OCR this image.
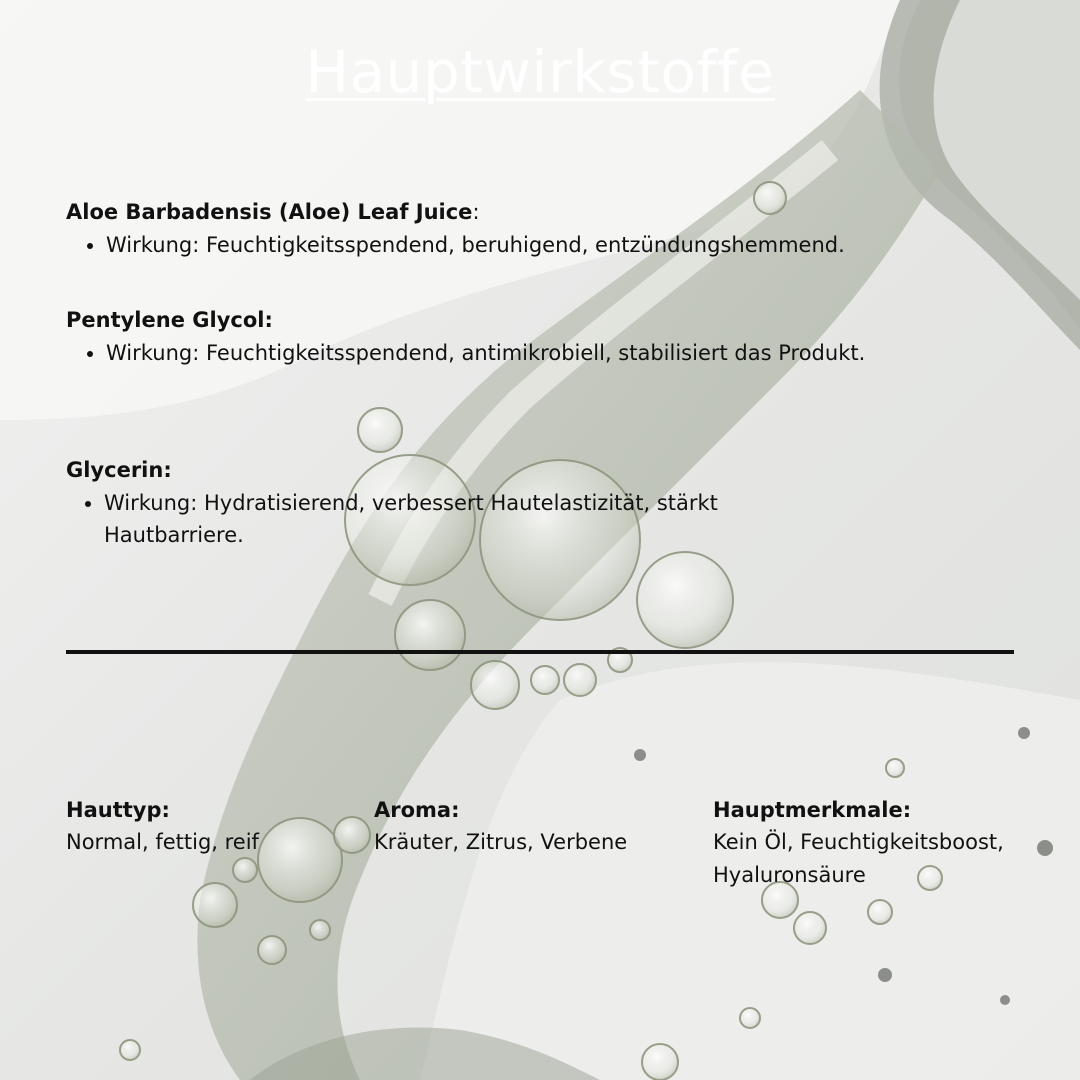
Hauptwirkstoffe

Aloe Barbadensis (Aloe) Leaf Juice:

• Wirkung: Feuchtigkeitsspendend, beruhigend, entzündungshemmend.

Pentylene Glycol:

• Wirkung: Feuchtigkeitsspendend, antimikrobiell, stabilisiert das Produkt.

Glycerin:

• Wirkung: Hydratisierend, verbessert Hautelastizität, stärkt Hautbarriere.

Hauttyp:

Normal, fettig, reif

Aroma:

Kräuter, Zitrus, Verbene

Hauptmerkmale:

Kein Öl, Feuchtigkeitsboost, Hyaluronsäure
